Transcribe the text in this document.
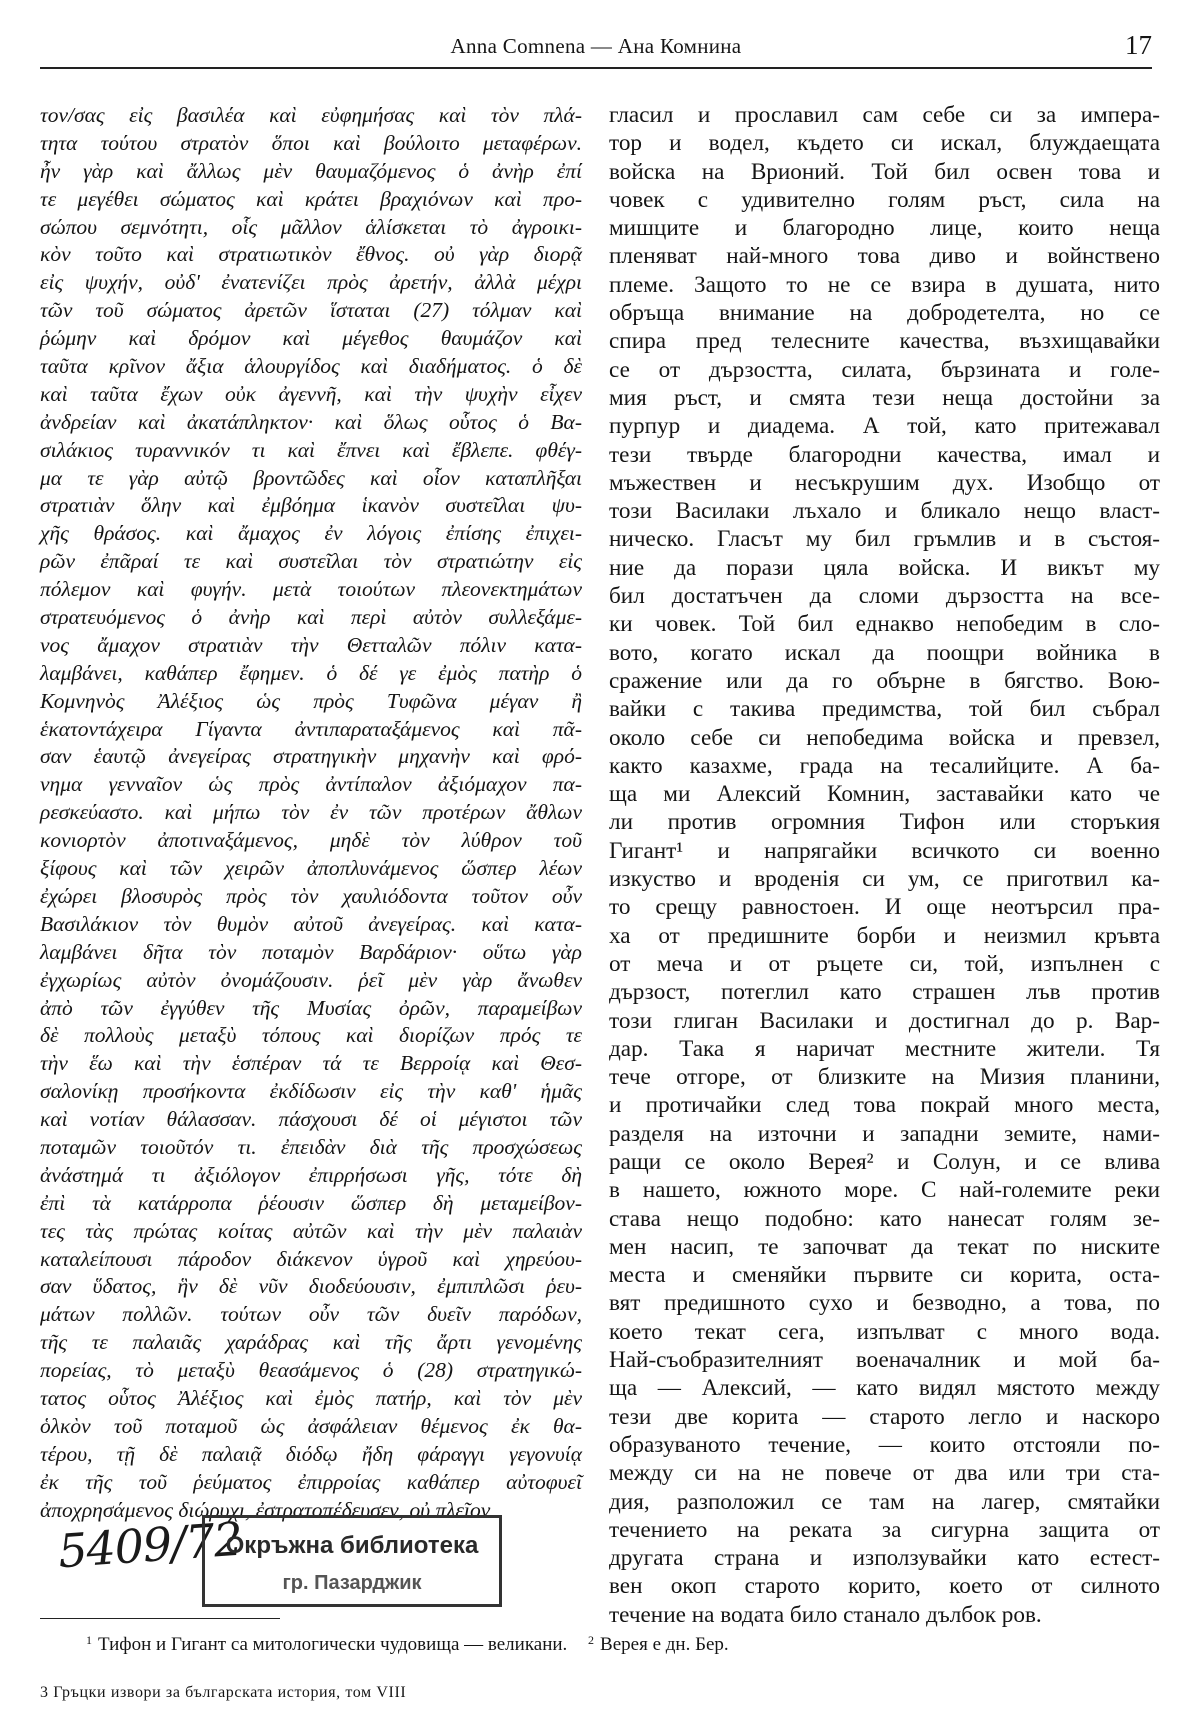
Anna Comnena — Ана Комнина	17
τον/σας εἰς βασιλέα καὶ εὐφημήσας καὶ τὸν πλά-
τητα τούτου στρατὸν ὅποι καὶ βούλοιτο μεταφέρων.
ἦν γὰρ καὶ ἄλλως μὲν θαυμαζόμενος ὁ ἀνὴρ ἐπί
τε μεγέθει σώματος καὶ κράτει βραχιόνων καὶ προ-
σώπου σεμνότητι, οἷς μᾶλλον ἁλίσκεται τὸ ἀγροικι-
κὸν τοῦτο καὶ στρατιωτικὸν ἔθνος. οὐ γὰρ διορᾷ
εἰς ψυχήν, οὐδ' ἐνατενίζει πρὸς ἀρετήν, ἀλλὰ μέχρι
τῶν τοῦ σώματος ἀρετῶν ἵσταται (27) τόλμαν καὶ
ῥώμην καὶ δρόμον καὶ μέγεθος θαυμάζον καὶ
ταῦτα κρῖνον ἄξια ἁλουργίδος καὶ διαδήματος. ὁ δὲ
καὶ ταῦτα ἔχων οὐκ ἀγεννῆ, καὶ τὴν ψυχὴν εἶχεν
ἀνδρείαν καὶ ἀκατάπληκτον· καὶ ὅλως οὗτος ὁ Βα-
σιλάκιος τυραννικόν τι καὶ ἔπνει καὶ ἔβλεπε. φθέγ-
μα τε γὰρ αὐτῷ βροντῶδες καὶ οἷον καταπλῆξαι
στρατιὰν ὅλην καὶ ἐμβόημα ἱκανὸν συστεῖλαι ψυ-
χῆς θράσος. καὶ ἄμαχος ἐν λόγοις ἐπίσης ἐπιχει-
ρῶν ἐπᾶραί τε καὶ συστεῖλαι τὸν στρατιώτην εἰς
πόλεμον καὶ φυγήν. μετὰ τοιούτων πλεονεκτημάτων
στρατευόμενος ὁ ἀνὴρ καὶ περὶ αὐτὸν συλλεξάμε-
νος ἄμαχον στρατιὰν τὴν Θετταλῶν πόλιν κατα-
λαμβάνει, καθάπερ ἔφημεν. ὁ δέ γε ἐμὸς πατὴρ ὁ
Κομνηνὸς Ἀλέξιος ὡς πρὸς Τυφῶνα μέγαν ἢ
ἑκατοντάχειρα Γίγαντα ἀντιπαραταξάμενος καὶ πᾶ-
σαν ἑαυτῷ ἀνεγείρας στρατηγικὴν μηχανὴν καὶ φρό-
νημα γενναῖον ὡς πρὸς ἀντίπαλον ἀξιόμαχον πα-
ρεσκεύαστο. καὶ μήπω τὸν ἐν τῶν προτέρων ἄθλων
κονιορτὸν ἀποτιναξάμενος, μηδὲ τὸν λύθρον τοῦ
ξίφους καὶ τῶν χειρῶν ἀποπλυνάμενος ὥσπερ λέων
ἐχώρει βλοσυρὸς πρὸς τὸν χαυλιόδοντα τοῦτον οὖν
Βασιλάκιον τὸν θυμὸν αὐτοῦ ἀνεγείρας. καὶ κατα-
λαμβάνει δῆτα τὸν ποταμὸν Βαρδάριον· οὕτω γὰρ
ἐγχωρίως αὐτὸν ὀνομάζουσιν. ῥεῖ μὲν γὰρ ἄνωθεν
ἀπὸ τῶν ἐγγύθεν τῆς Μυσίας ὀρῶν, παραμείβων
δὲ πολλοὺς μεταξὺ τόπους καὶ διορίζων πρός τε
τὴν ἕω καὶ τὴν ἑσπέραν τά τε Βερροίᾳ καὶ Θεσ-
σαλονίκῃ προσήκοντα ἐκδίδωσιν εἰς τὴν καθ' ἡμᾶς
καὶ νοτίαν θάλασσαν. πάσχουσι δέ οἱ μέγιστοι τῶν
ποταμῶν τοιοῦτόν τι. ἐπειδὰν διὰ τῆς προσχώσεως
ἀνάστημά τι ἀξιόλογον ἐπιρρήσωσι γῆς, τότε δὴ
ἐπὶ τὰ κατάρροπα ῥέουσιν ὥσπερ δὴ μεταμείβον-
τες τὰς πρώτας κοίτας αὐτῶν καὶ τὴν μὲν παλαιὰν
καταλείπουσι πάροδον διάκενον ὑγροῦ καὶ χηρεύου-
σαν ὕδατος, ἣν δὲ νῦν διοδεύουσιν, ἐμπιπλῶσι ῥευ-
μάτων πολλῶν. τούτων οὖν τῶν δυεῖν παρόδων,
τῆς τε παλαιᾶς χαράδρας καὶ τῆς ἄρτι γενομένης
πορείας, τὸ μεταξὺ θεασάμενος ὁ (28) στρατηγικώ-
τατος οὗτος Ἀλέξιος καὶ ἐμὸς πατήρ, καὶ τὸν μὲν
ὁλκὸν τοῦ ποταμοῦ ὡς ἀσφάλειαν θέμενος ἐκ θα-
τέρου, τῇ δὲ παλαιᾷ διόδῳ ἤδη φάραγγι γεγονυίᾳ
ἐκ τῆς τοῦ ῥεύματος ἐπιρροίας καθάπερ αὐτοφυεῖ
ἀποχρησάμενος διώρυχι, ἐστρατοπέδευσεν, οὐ πλεῖον
гласил и прославил сам себе си за импера-
тор и водел, където си искал, блуждаещата
войска на Врионий. Той бил освен това и
човек с удивително голям ръст, сила на
мишците и благородно лице, които неща
пленяват най-много това диво и войнствено
племе. Защото то не се взира в душата, нито
обръща внимание на добродетелта, но се
спира пред телесните качества, възхищавайки
се от дързостта, силата, бързината и голе-
мия ръст, и смята тези неща достойни за
пурпур и диадема. А той, като притежавал
тези твърде благородни качества, имал и
мъжествен и несъкрушим дух. Изобщо от
този Василаки лъхало и бликало нещо власт-
ническо. Гласът му бил гръмлив и в състоя-
ние да порази цяла войска. И викът му
бил достатъчен да сломи дързостта на все-
ки човек. Той бил еднакво непобедим в сло-
вото, когато искал да поощри войника в
сражение или да го обърне в бягство. Вою-
вайки с такива предимства, той бил събрал
около себе си непобедима войска и превзел,
както казахме, града на тесалийците. А ба-
ща ми Алексий Комнин, заставайки като че
ли против огромния Тифон или сторъкия
Гигант¹ и напрягайки всичкото си военно
изкуство и вроденія си ум, се приготвил ка-
то срещу равностоен. И още неотърсил пра-
ха от предишните борби и неизмил кръвта
от меча и от ръцете си, той, изпълнен с
дързост, потеглил като страшен лъв против
този глиган Василаки и достигнал до р. Вар-
дар. Така я наричат местните жители. Тя
тече отгоре, от близките на Мизия планини,
и протичайки след това покрай много места,
разделя на източни и западни земите, нами-
ращи се около Верея² и Солун, и се влива
в нашето, южното море. С най-големите реки
става нещо подобно: като нанесат голям зе-
мен насип, те започват да текат по ниските
места и сменяйки първите си корита, оста-
вят предишното сухо и безводно, а това, по
което текат сега, изпълват с много вода.
Най-съобразителният военачалник и мой ба-
ща — Алексий, — като видял мястото между
тези две корита — старото легло и наскоро
образуваното течение, — които отстояли по-
между си на не повече от два или три ста-
дия, разположил се там на лагер, смятайки
течението на реката за сигурна защита от
другата страна и използувайки като естест-
вен окоп старото корито, което от силното
течение на водата било станало дълбок ров.
5409/72
Окръжна библиотека
гр. Пазарджик
$^1$ Тифон и Гигант са митологически чудовища — великани. $^2$ Верея е дн. Бер.
3 Гръцки извори за българската история, том VIII
